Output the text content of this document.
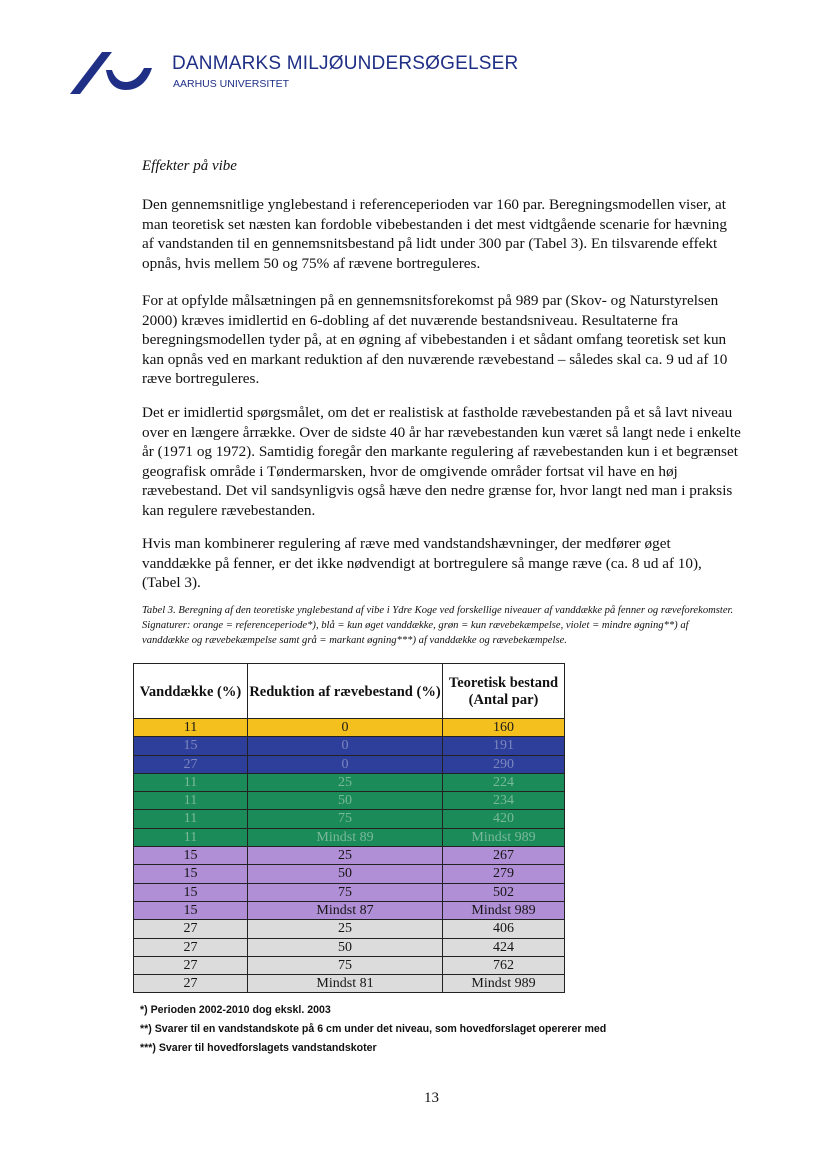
DANMARKS MILJØUNDERSØGELSER
AARHUS UNIVERSITET
Effekter på vibe

Den gennemsnitlige ynglebestand i referenceperioden var 160 par. Beregningsmodellen viser, at man teoretisk set næsten kan fordoble vibebestanden i det mest vidtgående scenarie for hævning af vandstanden til en gennemsnitsbestand på lidt under 300 par (Tabel 3). En tilsvarende effekt opnås, hvis mellem 50 og 75% af rævene bortreguleres.

For at opfylde målsætningen på en gennemsnitsforekomst på 989 par (Skov- og Naturstyrelsen 2000) kræves imidlertid en 6-dobling af det nuværende bestandsniveau. Resultaterne fra beregningsmodellen tyder på, at en øgning af vibebestanden i et sådant omfang teoretisk set kun kan opnås ved en markant reduktion af den nuværende rævebestand – således skal ca. 9 ud af 10 ræve bortreguleres.

Det er imidlertid spørgsmålet, om det er realistisk at fastholde rævebestanden på et så lavt niveau over en længere årrække. Over de sidste 40 år har rævebestanden kun været så langt nede i enkelte år (1971 og 1972). Samtidig foregår den markante regulering af rævebestanden kun i et begrænset geografisk område i Tøndermarsken, hvor de omgivende områder fortsat vil have en høj rævebestand. Det vil sandsynligvis også hæve den nedre grænse for, hvor langt ned man i praksis kan regulere rævebestanden.

Hvis man kombinerer regulering af ræve med vandstandshævninger, der medfører øget vanddække på fenner, er det ikke nødvendigt at bortregulere så mange ræve (ca. 8 ud af 10), (Tabel 3).

Tabel 3. Beregning af den teoretiske ynglebestand af vibe i Ydre Koge ved forskellige niveauer af vanddække på fenner og ræveforekomster. Signaturer: orange = referenceperiode*), blå = kun øget vanddække, grøn = kun rævebekæmpelse, violet = mindre øgning**) af vanddække og rævebekæmpelse samt grå = markant øgning***) af vanddække og rævebekæmpelse.

Vanddække (%)	Reduktion af rævebestand (%)	Teoretisk bestand (Antal par)
11	0	160
15	0	191
27	0	290
11	25	224
11	50	234
11	75	420
11	Mindst 89	Mindst 989
15	25	267
15	50	279
15	75	502
15	Mindst 87	Mindst 989
27	25	406
27	50	424
27	75	762
27	Mindst 81	Mindst 989
*) Perioden 2002-2010 dog ekskl. 2003
**) Svarer til en vandstandskote på 6 cm under det niveau, som hovedforslaget opererer med
***) Svarer til hovedforslagets vandstandskoter
13
